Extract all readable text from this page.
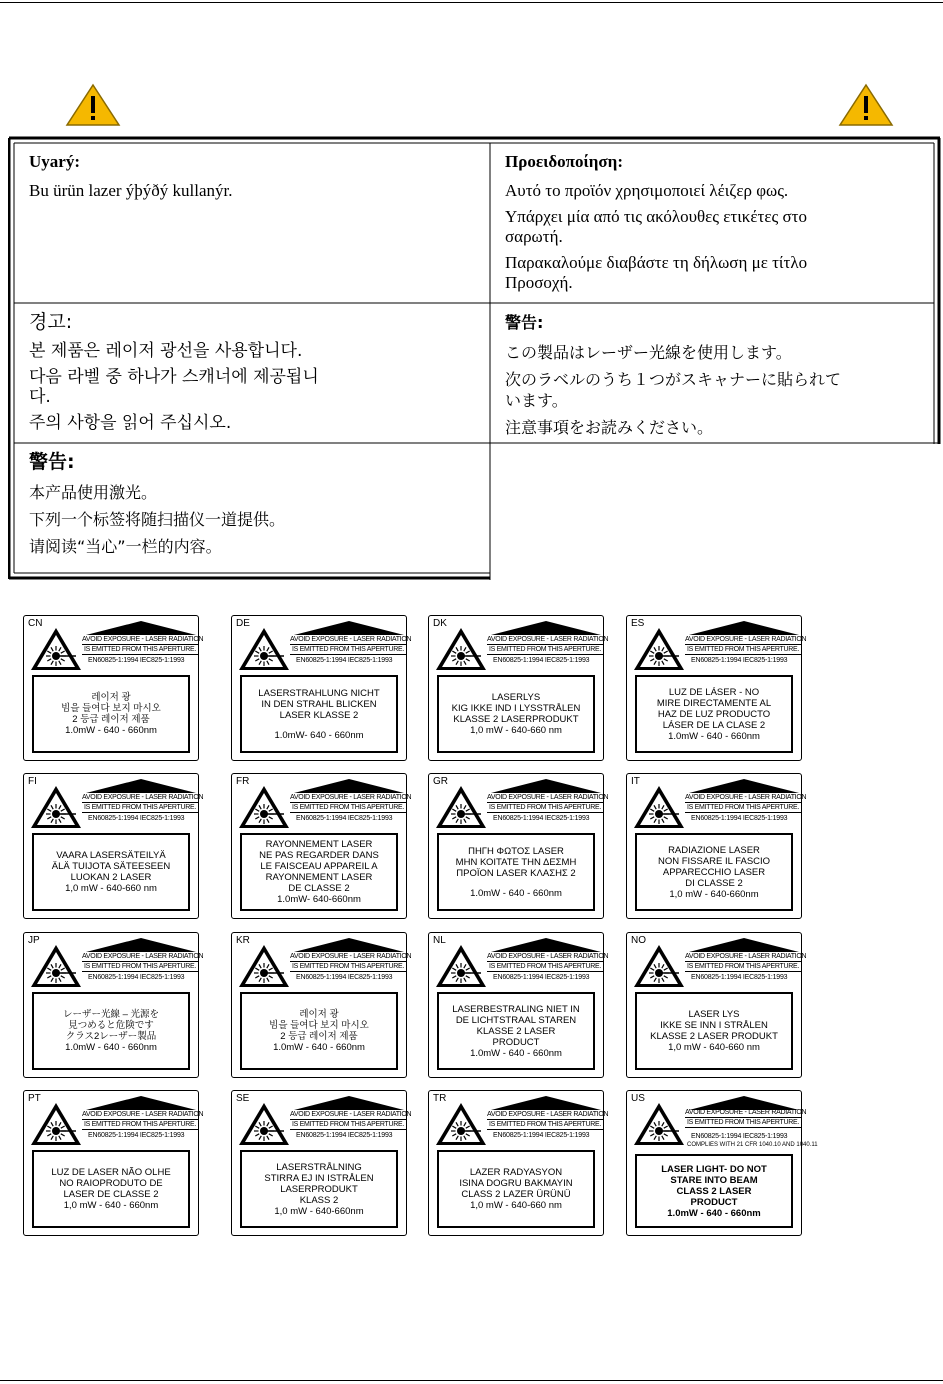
Uyarý:

Bu ürün lazer ýþýðý kullanýr.

Προειδοποίηση:

Αυτό το προϊόν χρησιμοποιεί λέιζερ φως.

Υπάρχει μία από τις ακόλουθες ετικέτες στο σαρωτή.

Παρακαλούμε διαβάστε τη δήλωση με τίτλο Προσοχή.

경고:

본 제품은 레이저 광선을 사용합니다.

다음 라벨 중 하나가 스캐너에 제공됩니다.

주의 사항을 읽어 주십시오.

警告:

この製品はレーザー光線を使用します。

次のラベルのうち１つがスキャナーに貼られています。

注意事項をお読みください。

警告:

本产品使用激光。

下列一个标签将随扫描仪一道提供。

请阅读“当心”一栏的内容。

CN
AVOID EXPOSURE - LASER RADIATION
IS EMITTED FROM THIS APERTURE.
EN60825-1:1994 IEC825-1:1993
레이저 광
빔을 들여다 보지 마시오
2 등급 레이저 제품
1.0mW - 640 - 660nm
DE
AVOID EXPOSURE - LASER RADIATION
IS EMITTED FROM THIS APERTURE.
EN60825-1:1994 IEC825-1:1993
LASERSTRAHLUNG NICHT
IN DEN STRAHL BLICKEN
LASER KLASSE 2
1.0mW- 640 - 660nm
DK
AVOID EXPOSURE - LASER RADIATION
IS EMITTED FROM THIS APERTURE.
EN60825-1:1994 IEC825-1:1993
LASERLYS
KIG IKKE IND I LYSSTRÅLEN
KLASSE 2 LASERPRODUKT
1,0 mW - 640-660 nm
ES
AVOID EXPOSURE - LASER RADIATION
IS EMITTED FROM THIS APERTURE.
EN60825-1:1994 IEC825-1:1993
LUZ DE LÁSER - NO
MIRE DIRECTAMENTE AL
HAZ DE LUZ PRODUCTO
LÁSER DE LA CLASE 2
1.0mW - 640 - 660nm
FI
AVOID EXPOSURE - LASER RADIATION
IS EMITTED FROM THIS APERTURE.
EN60825-1:1994 IEC825-1:1993
VAARA LASERSÄTEILYÄ
ÄLÄ TUIJOTA SÄTEESEEN
LUOKAN 2 LASER
1,0 mW - 640-660 nm
FR
AVOID EXPOSURE - LASER RADIATION
IS EMITTED FROM THIS APERTURE.
EN60825-1:1994 IEC825-1:1993
RAYONNEMENT LASER
NE PAS REGARDER DANS
LE FAISCEAU APPAREIL A
RAYONNEMENT LASER
DE CLASSE 2
1.0mW- 640-660nm
GR
AVOID EXPOSURE - LASER RADIATION
IS EMITTED FROM THIS APERTURE.
EN60825-1:1994 IEC825-1:1993
ΠΗΓΗ ΦΩΤΟΣ LASER
ΜΗΝ ΚΟΙΤΑΤΕ ΤΗΝ ΔΕΣΜΗ
ΠΡΟΪΟΝ LASER ΚΛΑΣΗΣ 2
1.0mW - 640 - 660nm
IT
AVOID EXPOSURE - LASER RADIATION
IS EMITTED FROM THIS APERTURE.
EN60825-1:1994 IEC825-1:1993
RADIAZIONE LASER
NON FISSARE IL FASCIO
APPARECCHIO LASER
DI CLASSE 2
1,0 mW - 640-660nm
JP
AVOID EXPOSURE - LASER RADIATION
IS EMITTED FROM THIS APERTURE.
EN60825-1:1994 IEC825-1:1993
レーザー光線 – 光源を
見つめると危険です
クラス2レーザー製品
1.0mW - 640 - 660nm
KR
AVOID EXPOSURE - LASER RADIATION
IS EMITTED FROM THIS APERTURE.
EN60825-1:1994 IEC825-1:1993
레이저 광
빔을 들여다 보지 마시오
2 등급 레이저 제품
1.0mW - 640 - 660nm
NL
AVOID EXPOSURE - LASER RADIATION
IS EMITTED FROM THIS APERTURE.
EN60825-1:1994 IEC825-1:1993
LASERBESTRALING NIET IN
DE LICHTSTRAAL STAREN
KLASSE 2 LASER
PRODUCT
1.0mW - 640 - 660nm
NO
AVOID EXPOSURE - LASER RADIATION
IS EMITTED FROM THIS APERTURE.
EN60825-1:1994 IEC825-1:1993
LASER LYS
IKKE SE INN I STRÅLEN
KLASSE 2 LASER PRODUKT
1,0 mW - 640-660 nm
PT
AVOID EXPOSURE - LASER RADIATION
IS EMITTED FROM THIS APERTURE.
EN60825-1:1994 IEC825-1:1993
LUZ DE LASER NÃO OLHE
NO RAIOPRODUTO DE
LASER DE CLASSE 2
1,0 mW - 640 - 660nm
SE
AVOID EXPOSURE - LASER RADIATION
IS EMITTED FROM THIS APERTURE.
EN60825-1:1994 IEC825-1:1993
LASERSTRÅLNING
STIRRA EJ IN ISTRÅLEN
LASERPRODUKT
KLASS 2
1,0 mW - 640-660nm
TR
AVOID EXPOSURE - LASER RADIATION
IS EMITTED FROM THIS APERTURE.
EN60825-1:1994 IEC825-1:1993
LAZER RADYASYON
ISINA DOGRU BAKMAYIN
CLASS 2 LAZER ÜRÜNÜ
1,0 mW - 640-660 nm
US
AVOID EXPOSURE - LASER RADIATION
IS EMITTED FROM THIS APERTURE.
EN60825-1:1994 IEC825-1:1993
COMPLIES WITH 21 CFR 1040.10 AND 1040.11
LASER LIGHT- DO NOT
STARE INTO BEAM
CLASS 2 LASER
PRODUCT
1.0mW - 640 - 660nm
